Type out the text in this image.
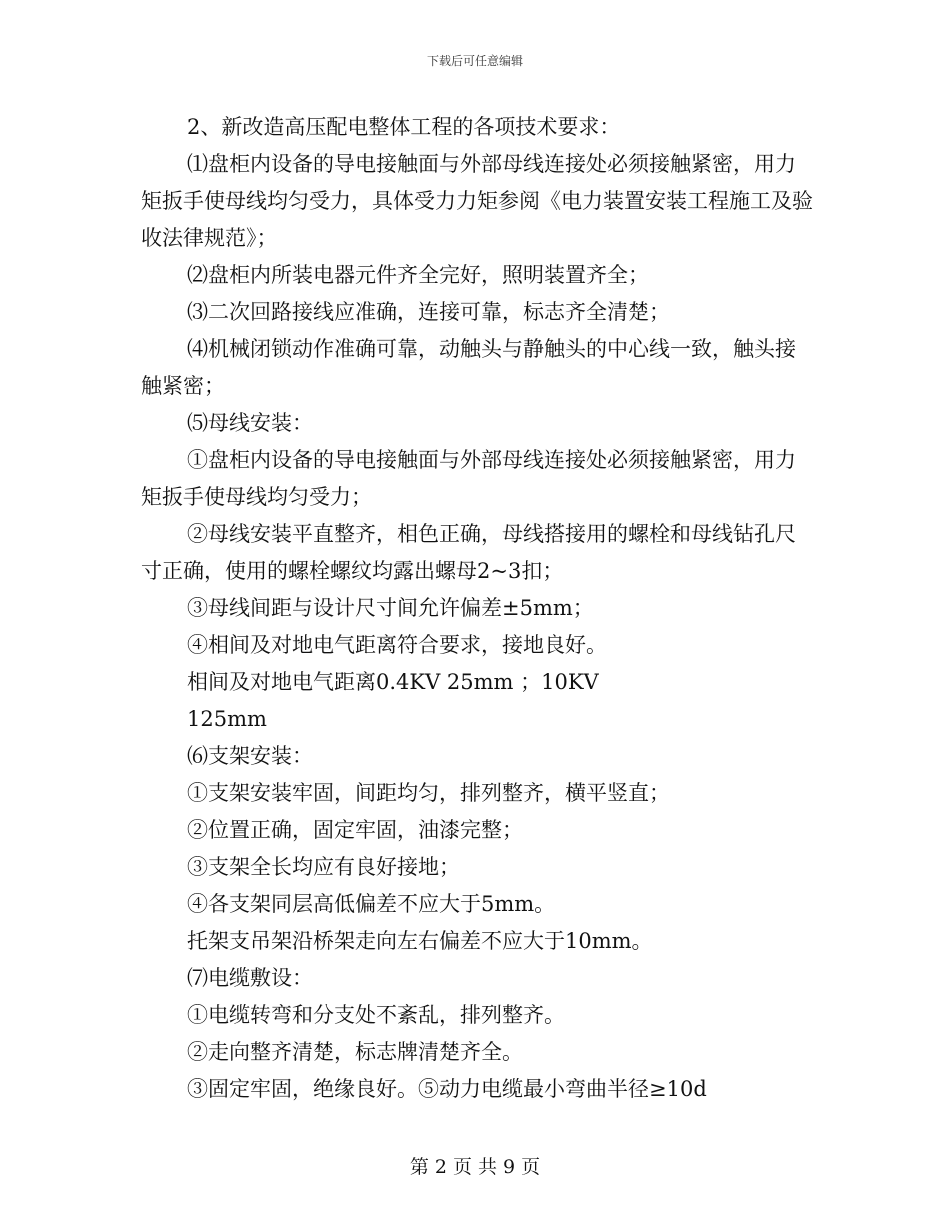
下载后可任意编辑

2、新改造高压配电整体工程的各项技术要求：

⑴盘柜内设备的导电接触面与外部母线连接处必须接触紧密，用力矩扳手使母线均匀受力，具体受力力矩参阅《电力装置安装工程施工及验收法律规范》；

⑵盘柜内所装电器元件齐全完好，照明装置齐全；

⑶二次回路接线应准确，连接可靠，标志齐全清楚；

⑷机械闭锁动作准确可靠，动触头与静触头的中心线一致，触头接触紧密；

⑸母线安装：

①盘柜内设备的导电接触面与外部母线连接处必须接触紧密，用力矩扳手使母线均匀受力；

②母线安装平直整齐，相色正确，母线搭接用的螺栓和母线钻孔尺寸正确，使用的螺栓螺纹均露出螺母2~3扣；

③母线间距与设计尺寸间允许偏差±5mm；

④相间及对地电气距离符合要求，接地良好。

相间及对地电气距离0.4KV 25mm ；10KV

125mm

⑹支架安装：

①支架安装牢固，间距均匀，排列整齐，横平竖直；

②位置正确，固定牢固，油漆完整；

③支架全长均应有良好接地；

④各支架同层高低偏差不应大于5mm。

托架支吊架沿桥架走向左右偏差不应大于10mm。

⑺电缆敷设：

①电缆转弯和分支处不紊乱，排列整齐。

②走向整齐清楚，标志牌清楚齐全。

③固定牢固，绝缘良好。⑤动力电缆最小弯曲半径≥10d

第 2 页 共 9 页
